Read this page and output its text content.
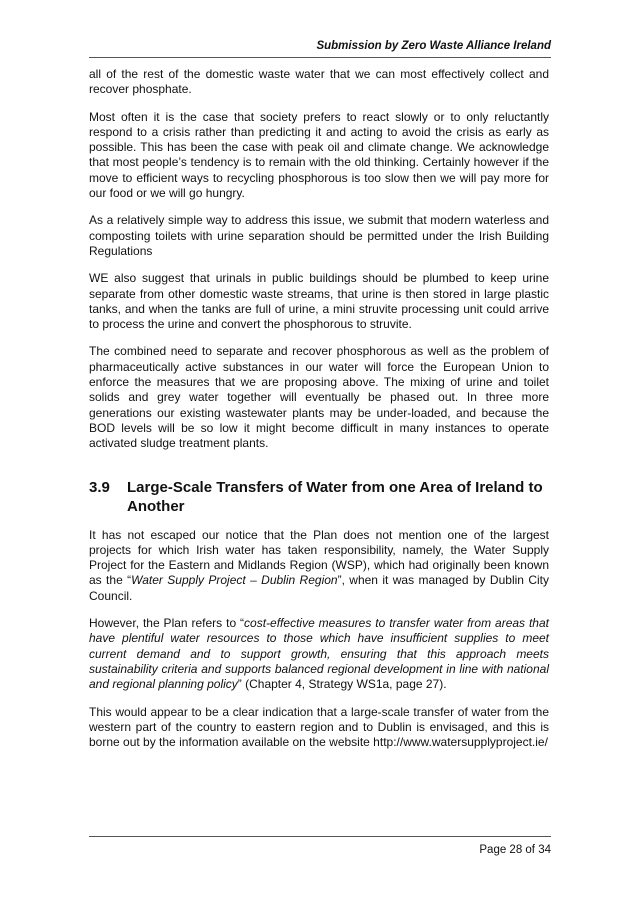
Submission by Zero Waste Alliance Ireland

all of the rest of the domestic waste water that we can most effectively collect and recover phosphate.

Most often it is the case that society prefers to react slowly or to only reluctantly respond to a crisis rather than predicting it and acting to avoid the crisis as early as possible. This has been the case with peak oil and climate change. We acknowledge that most people’s tendency is to remain with the old thinking. Certainly however if the move to efficient ways to recycling phosphorous is too slow then we will pay more for our food or we will go hungry.

As a relatively simple way to address this issue, we submit that modern waterless and composting toilets with urine separation should be permitted under the Irish Building Regulations

WE also suggest that urinals in public buildings should be plumbed to keep urine separate from other domestic waste streams, that urine is then stored in large plastic tanks, and when the tanks are full of urine, a mini struvite processing unit could arrive to process the urine and convert the phosphorous to struvite.

The combined need to separate and recover phosphorous as well as the problem of pharmaceutically active substances in our water will force the European Union to enforce the measures that we are proposing above. The mixing of urine and toilet solids and grey water together will eventually be phased out. In three more generations our existing wastewater plants may be under-loaded, and because the BOD levels will be so low it might become difficult in many instances to operate activated sludge treatment plants.

3.9	Large-Scale Transfers of Water from one Area of Ireland to Another

It has not escaped our notice that the Plan does not mention one of the largest projects for which Irish water has taken responsibility, namely, the Water Supply Project for the Eastern and Midlands Region (WSP), which had originally been known as the “Water Supply Project – Dublin Region”, when it was managed by Dublin City Council.

However, the Plan refers to “cost-effective measures to transfer water from areas that have plentiful water resources to those which have insufficient supplies to meet current demand and to support growth, ensuring that this approach meets sustainability criteria and supports balanced regional development in line with national and regional planning policy” (Chapter 4, Strategy WS1a, page 27).

This would appear to be a clear indication that a large-scale transfer of water from the western part of the country to eastern region and to Dublin is envisaged, and this is borne out by the information available on the website http://www.watersupplyproject.ie/

Page 28 of 34
